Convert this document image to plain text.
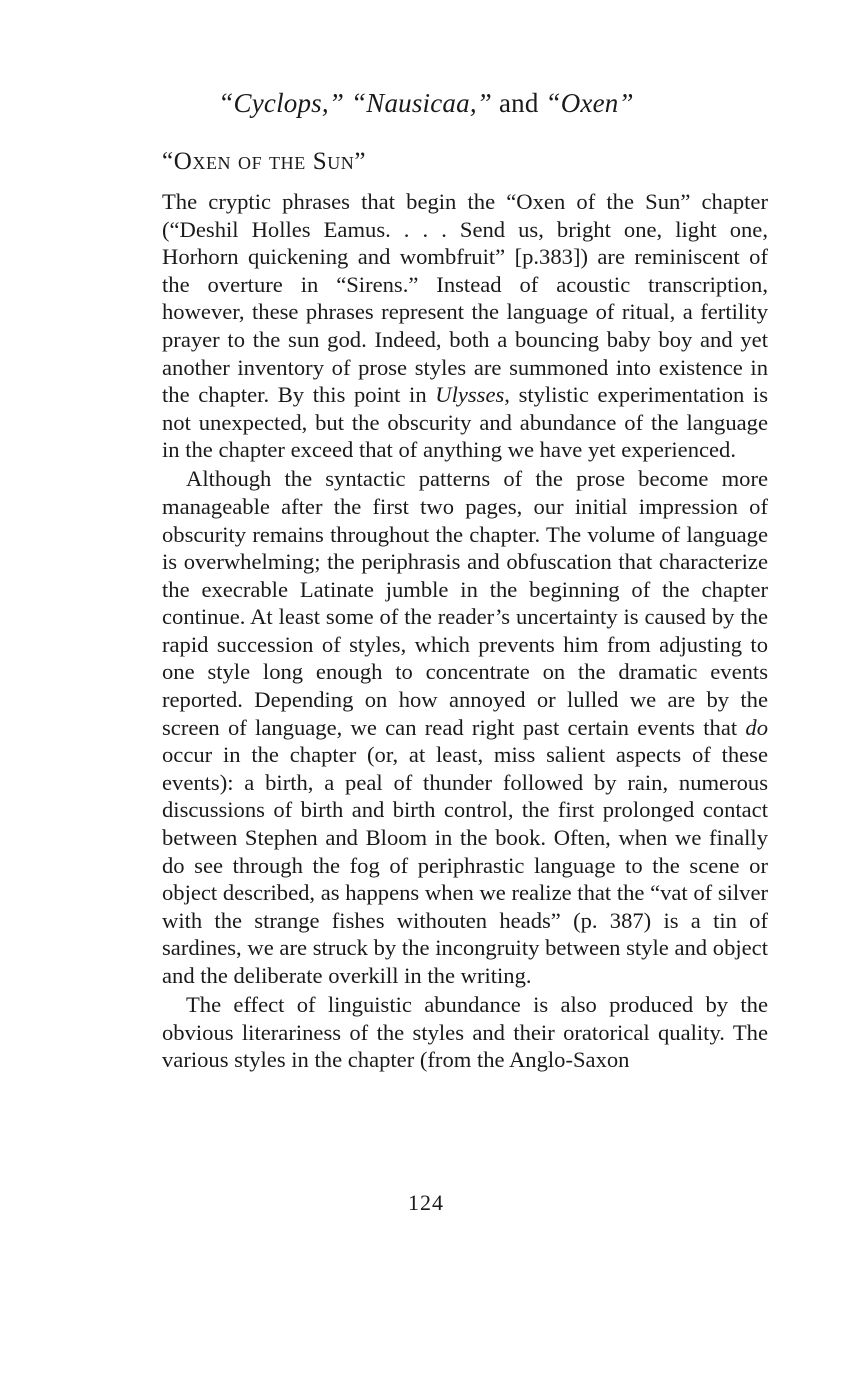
“Cyclops,” “Nausicaa,” and “Oxen”
“Oxen of the Sun”

The cryptic phrases that begin the “Oxen of the Sun” chapter (“Deshil Holles Eamus. . . . Send us, bright one, light one, Horhorn quickening and wombfruit” [p.383]) are reminiscent of the overture in “Sirens.” Instead of acoustic transcription, however, these phrases represent the language of ritual, a fertility prayer to the sun god. Indeed, both a bouncing baby boy and yet another inventory of prose styles are summoned into existence in the chapter. By this point in Ulysses, stylistic experimentation is not unexpected, but the obscurity and abundance of the language in the chapter exceed that of anything we have yet experienced.

Although the syntactic patterns of the prose become more manageable after the first two pages, our initial impression of obscurity remains throughout the chapter. The volume of language is overwhelming; the periphrasis and obfuscation that characterize the execrable Latinate jumble in the beginning of the chapter continue. At least some of the reader’s uncertainty is caused by the rapid succession of styles, which prevents him from adjusting to one style long enough to concentrate on the dramatic events reported. Depending on how annoyed or lulled we are by the screen of language, we can read right past certain events that do occur in the chapter (or, at least, miss salient aspects of these events): a birth, a peal of thunder followed by rain, numerous discussions of birth and birth control, the first prolonged contact between Stephen and Bloom in the book. Often, when we finally do see through the fog of periphrastic language to the scene or object described, as happens when we realize that the “vat of silver with the strange fishes withouten heads” (p. 387) is a tin of sardines, we are struck by the incongruity between style and object and the deliberate overkill in the writing.

The effect of linguistic abundance is also produced by the obvious literariness of the styles and their oratorical quality. The various styles in the chapter (from the Anglo-Saxon

124
